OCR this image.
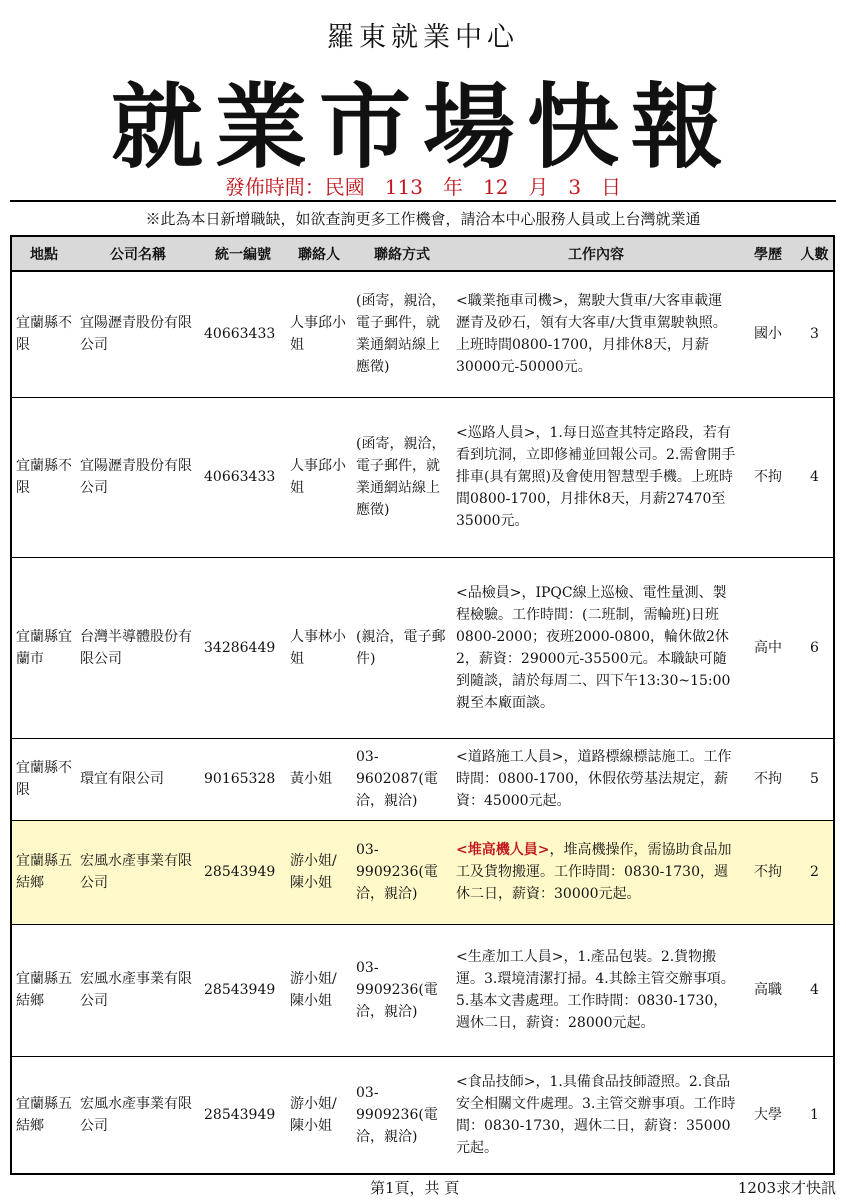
羅東就業中心
就業市場快報
發佈時間：民國　113　年　12　月　3　日
※此為本日新增職缺，如欲查詢更多工作機會，請洽本中心服務人員或上台灣就業通
地點	公司名稱	統一編號	聯絡人	聯絡方式	工作內容	學歷	人數
宜蘭縣不限	宜陽瀝青股份有限公司	40663433	人事邱小姐	(函寄，親洽，電子郵件，就業通網站線上應徵)	<職業拖車司機>，駕駛大貨車/大客車載運瀝青及砂石，領有大客車/大貨車駕駛執照。上班時間0800-1700，月排休8天，月薪30000元-50000元。	國小	3
宜蘭縣不限	宜陽瀝青股份有限公司	40663433	人事邱小姐	(函寄，親洽，電子郵件，就業通網站線上應徵)	<巡路人員>，1.每日巡查其特定路段，若有看到坑洞，立即修補並回報公司。2.需會開手排車(具有駕照)及會使用智慧型手機。上班時間0800-1700，月排休8天，月薪27470至35000元。	不拘	4
宜蘭縣宜蘭市	台灣半導體股份有限公司	34286449	人事林小姐	(親洽，電子郵件)	<品檢員>，IPQC線上巡檢、電性量測、製程檢驗。工作時間：(二班制，需輪班)日班0800-2000；夜班2000-0800，輪休做2休2，薪資：29000元-35500元。本職缺可隨到隨談，請於每周二、四下午13:30~15:00親至本廠面談。	高中	6
宜蘭縣不限	環宜有限公司	90165328	黃小姐	03-9602087(電洽，親洽)	<道路施工人員>，道路標線標誌施工。工作時間：0800-1700，休假依勞基法規定，薪資：45000元起。	不拘	5
宜蘭縣五結鄉	宏風水產事業有限公司	28543949	游小姐/陳小姐	03-9909236(電洽，親洽)	<堆高機人員>，堆高機操作，需協助食品加工及貨物搬運。工作時間：0830-1730，週休二日，薪資：30000元起。	不拘	2
宜蘭縣五結鄉	宏風水產事業有限公司	28543949	游小姐/陳小姐	03-9909236(電洽，親洽)	<生產加工人員>，1.產品包裝。2.貨物搬運。3.環境清潔打掃。4.其餘主管交辦事項。5.基本文書處理。工作時間：0830-1730，週休二日，薪資：28000元起。	高職	4
宜蘭縣五結鄉	宏風水產事業有限公司	28543949	游小姐/陳小姐	03-9909236(電洽，親洽)	<食品技師>，1.具備食品技師證照。2.食品安全相關文件處理。3.主管交辦事項。工作時間：0830-1730，週休二日，薪資：35000元起。	大學	1
第1頁，共 頁	1203求才快訊
